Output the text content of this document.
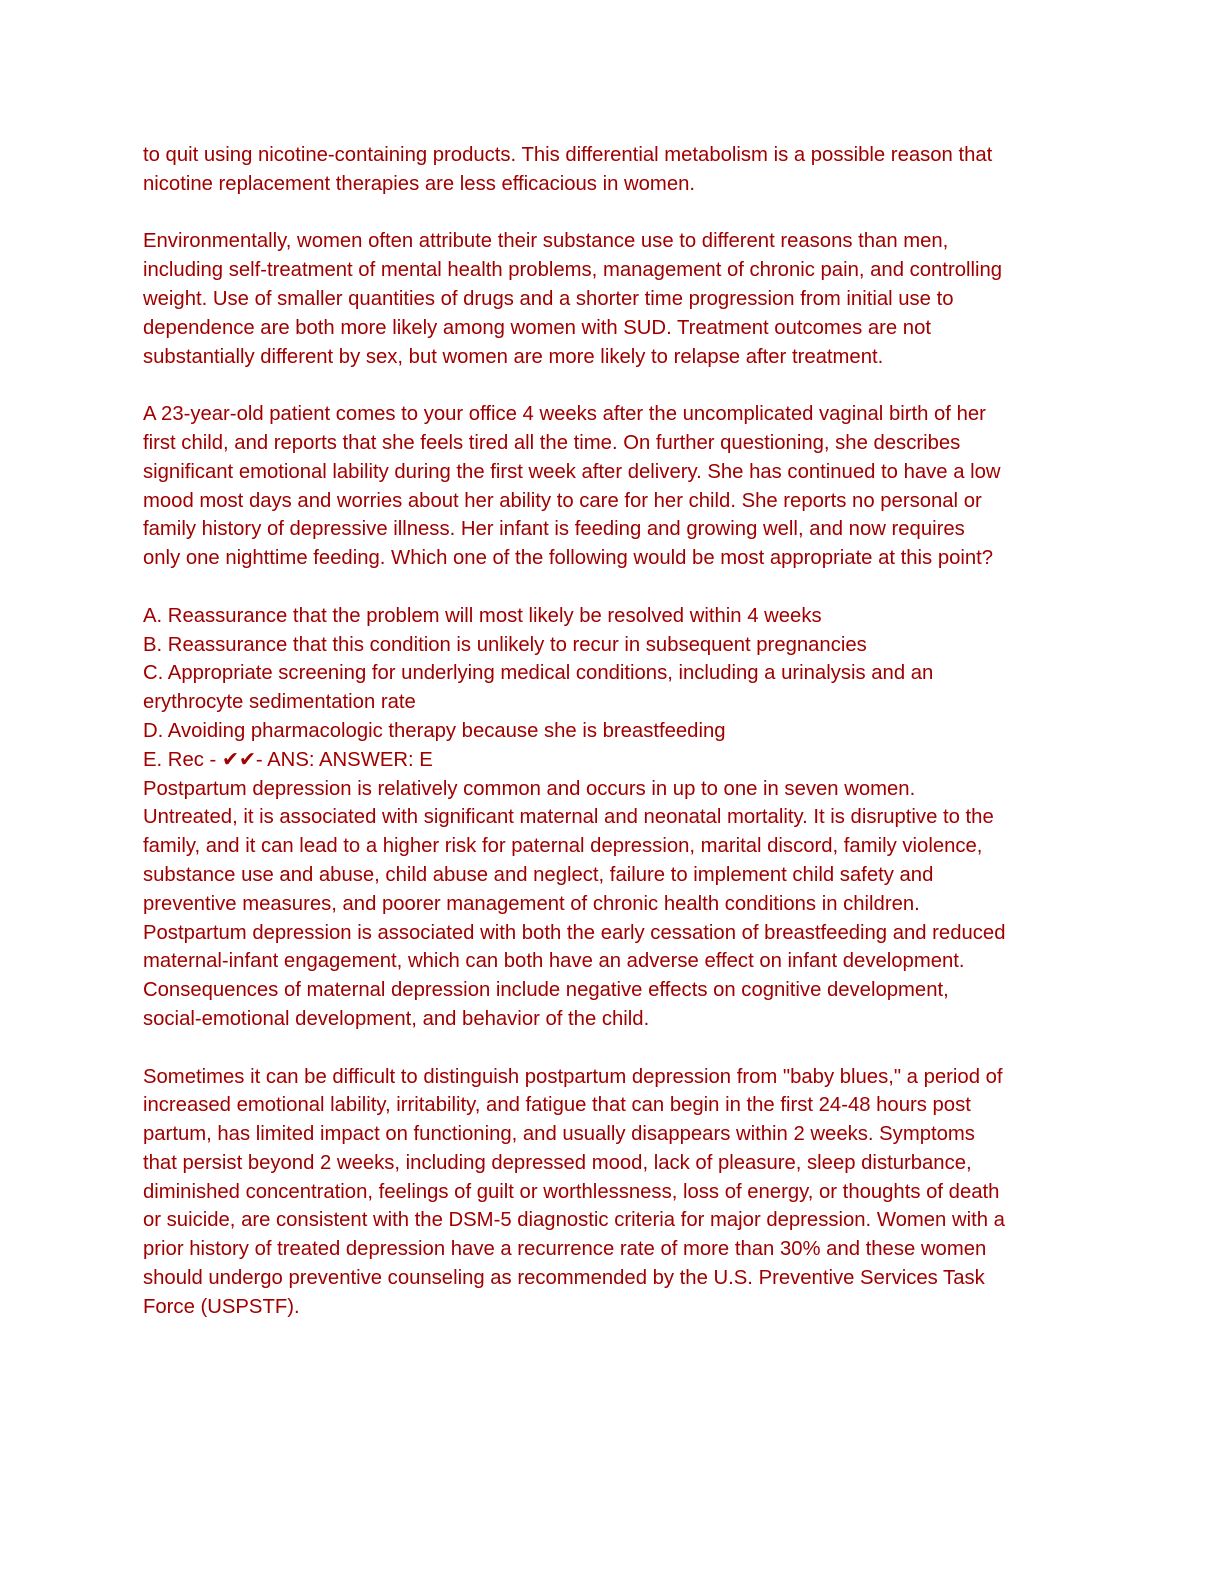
to quit using nicotine-containing products. This differential metabolism is a possible reason that
nicotine replacement therapies are less efficacious in women.
Environmentally, women often attribute their substance use to different reasons than men,
including self-treatment of mental health problems, management of chronic pain, and controlling
weight. Use of smaller quantities of drugs and a shorter time progression from initial use to
dependence are both more likely among women with SUD. Treatment outcomes are not
substantially different by sex, but women are more likely to relapse after treatment.
A 23-year-old patient comes to your office 4 weeks after the uncomplicated vaginal birth of her
first child, and reports that she feels tired all the time. On further questioning, she describes
significant emotional lability during the first week after delivery. She has continued to have a low
mood most days and worries about her ability to care for her child. She reports no personal or
family history of depressive illness. Her infant is feeding and growing well, and now requires
only one nighttime feeding. Which one of the following would be most appropriate at this point?
A. Reassurance that the problem will most likely be resolved within 4 weeks
B. Reassurance that this condition is unlikely to recur in subsequent pregnancies
C. Appropriate screening for underlying medical conditions, including a urinalysis and an
erythrocyte sedimentation rate
D. Avoiding pharmacologic therapy because she is breastfeeding
E. Rec - ✔✔- ANS: ANSWER: E
Postpartum depression is relatively common and occurs in up to one in seven women.
Untreated, it is associated with significant maternal and neonatal mortality. It is disruptive to the
family, and it can lead to a higher risk for paternal depression, marital discord, family violence,
substance use and abuse, child abuse and neglect, failure to implement child safety and
preventive measures, and poorer management of chronic health conditions in children.
Postpartum depression is associated with both the early cessation of breastfeeding and reduced
maternal-infant engagement, which can both have an adverse effect on infant development.
Consequences of maternal depression include negative effects on cognitive development,
social-emotional development, and behavior of the child.
Sometimes it can be difficult to distinguish postpartum depression from "baby blues," a period of
increased emotional lability, irritability, and fatigue that can begin in the first 24-48 hours post
partum, has limited impact on functioning, and usually disappears within 2 weeks. Symptoms
that persist beyond 2 weeks, including depressed mood, lack of pleasure, sleep disturbance,
diminished concentration, feelings of guilt or worthlessness, loss of energy, or thoughts of death
or suicide, are consistent with the DSM-5 diagnostic criteria for major depression. Women with a
prior history of treated depression have a recurrence rate of more than 30% and these women
should undergo preventive counseling as recommended by the U.S. Preventive Services Task
Force (USPSTF).
